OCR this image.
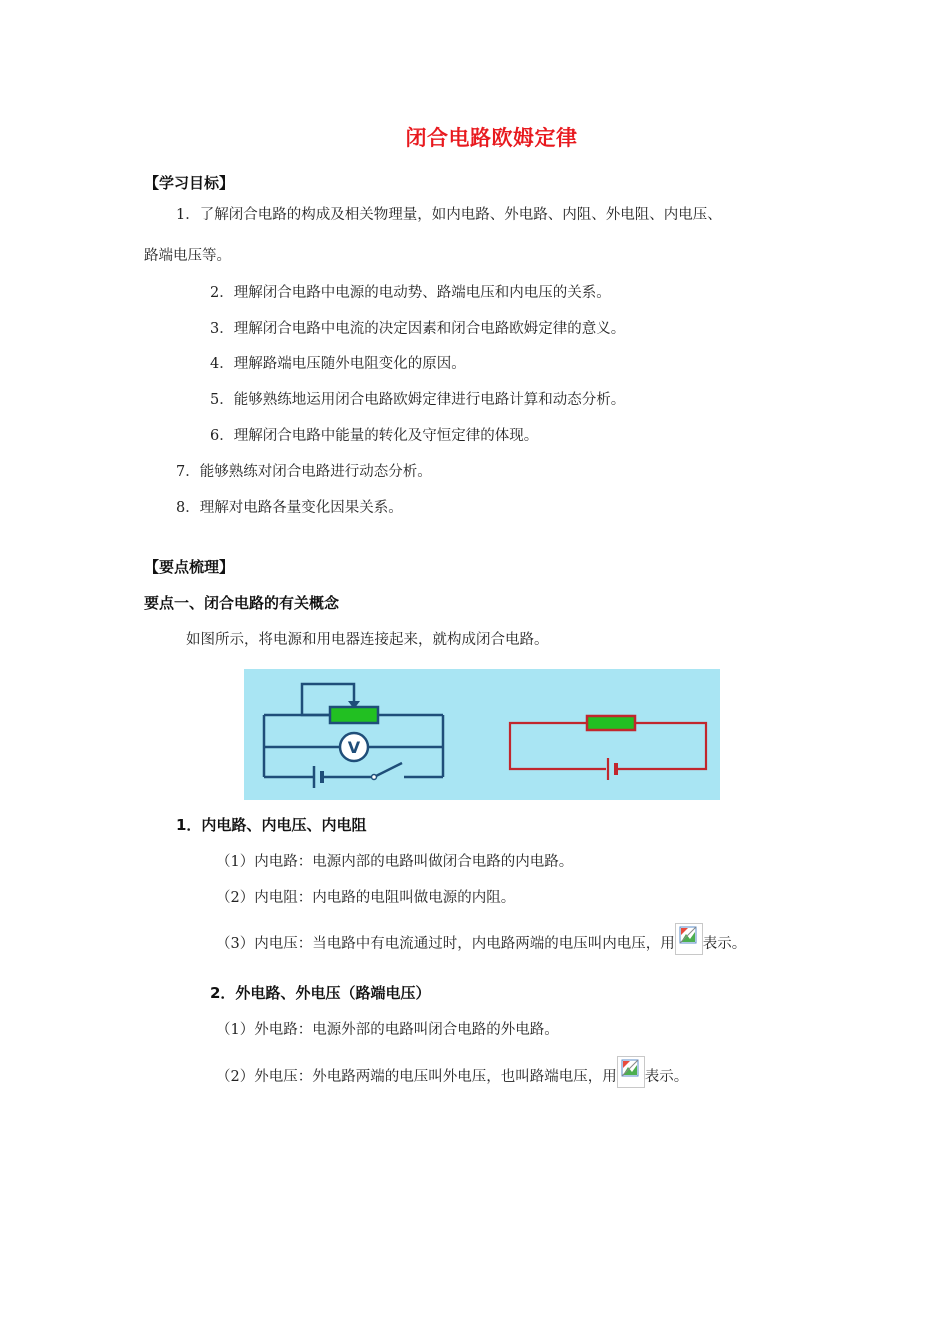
闭合电路欧姆定律
【学习目标】
1．了解闭合电路的构成及相关物理量，如内电路、外电路、内阻、外电阻、内电压、
路端电压等。
2．理解闭合电路中电源的电动势、路端电压和内电压的关系。
3．理解闭合电路中电流的决定因素和闭合电路欧姆定律的意义。
4．理解路端电压随外电阻变化的原因。
5．能够熟练地运用闭合电路欧姆定律进行电路计算和动态分析。
6．理解闭合电路中能量的转化及守恒定律的体现。
7．能够熟练对闭合电路进行动态分析。
8．理解对电路各量变化因果关系。
【要点梳理】
要点一、闭合电路的有关概念
如图所示，将电源和用电器连接起来，就构成闭合电路。
V
1．内电路、内电压、内电阻
（1）内电路：电源内部的电路叫做闭合电路的内电路。
（2）内电阻：内电路的电阻叫做电源的内阻。
（3）内电压：当电路中有电流通过时，内电路两端的电压叫内电压，用 表示。
2．外电路、外电压（路端电压）
（1）外电路：电源外部的电路叫闭合电路的外电路。
（2）外电压：外电路两端的电压叫外电压，也叫路端电压，用 表示。
